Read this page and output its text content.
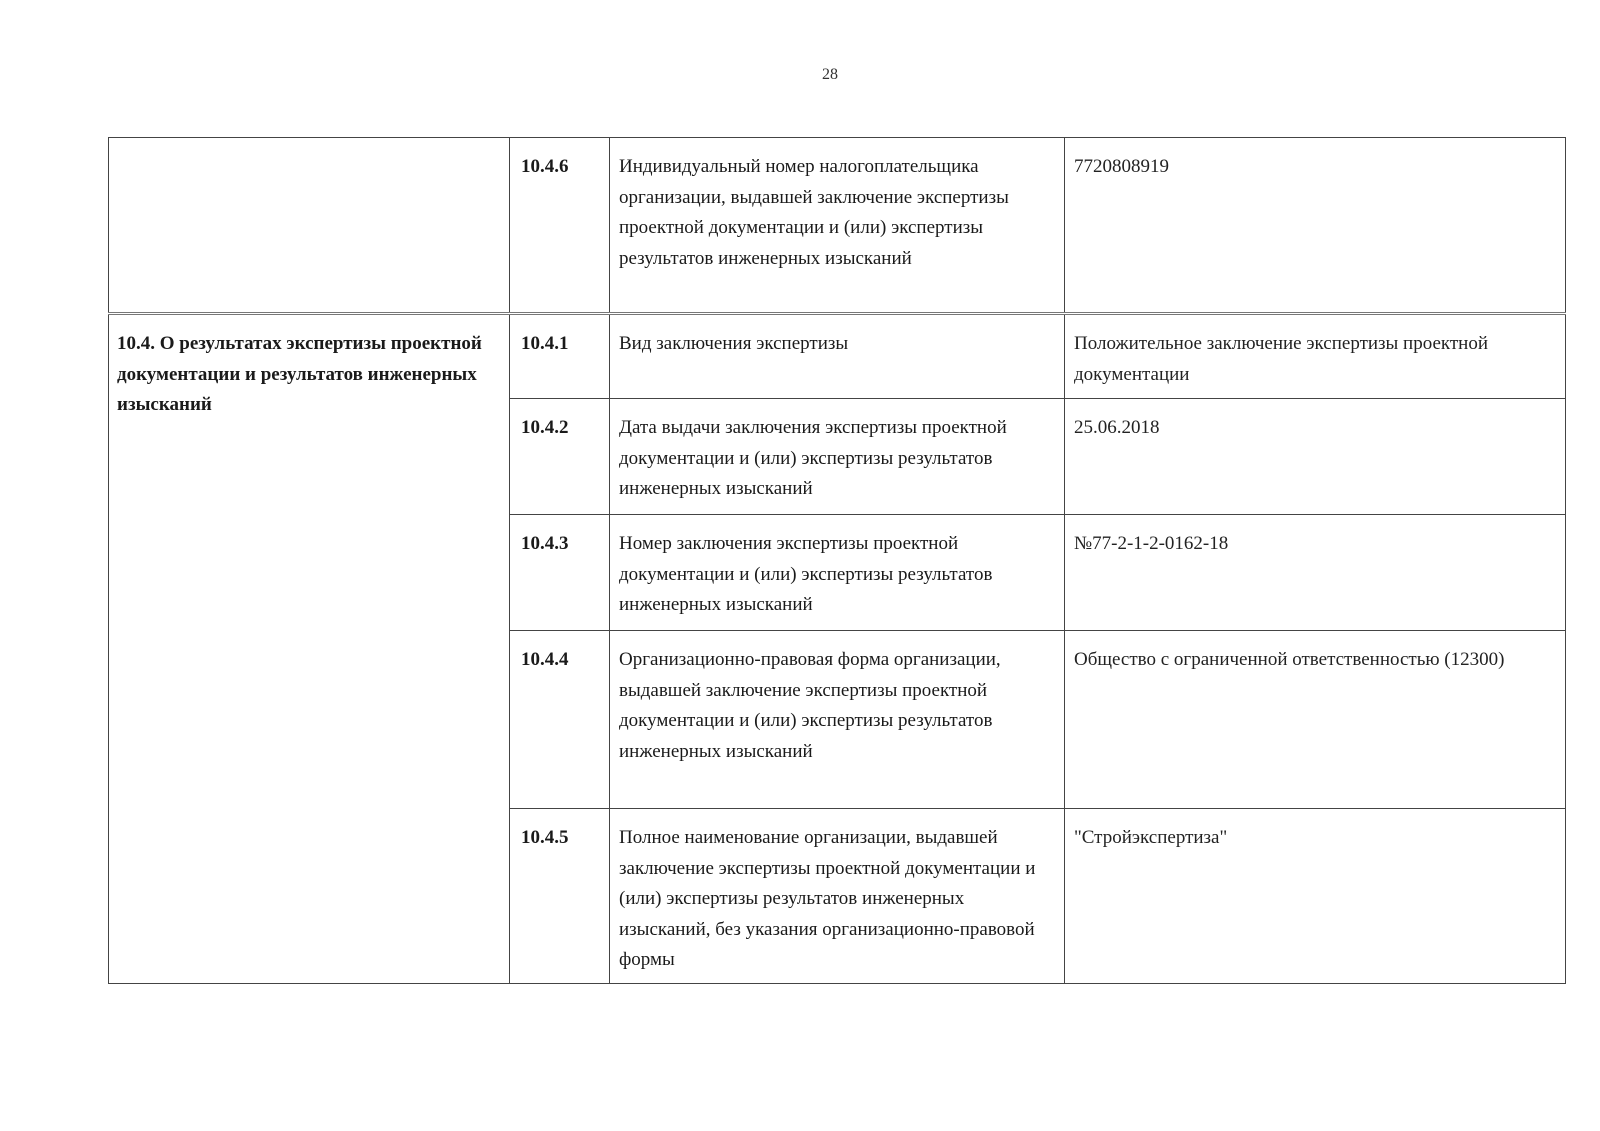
28
	10.4.6	Индивидуальный номер налогоплательщика организации, выдавшей заключение экспертизы проектной документации и (или) экспертизы результатов инженерных изысканий	7720808919
10.4. О результатах экспертизы проектной документации и результатов инженерных изысканий	10.4.1	Вид заключения экспертизы	Положительное заключение экспертизы проектной документации
	10.4.2	Дата выдачи заключения экспертизы проектной документации и (или) экспертизы результатов инженерных изысканий	25.06.2018
	10.4.3	Номер заключения экспертизы проектной документации и (или) экспертизы результатов инженерных изысканий	№77-2-1-2-0162-18
	10.4.4	Организационно-правовая форма организации, выдавшей заключение экспертизы проектной документации и (или) экспертизы результатов инженерных изысканий	Общество с ограниченной ответственностью (12300)
	10.4.5	Полное наименование организации, выдавшей заключение экспертизы проектной документации и (или) экспертизы результатов инженерных изысканий, без указания организационно-правовой формы	"Стройэкспертиза"
